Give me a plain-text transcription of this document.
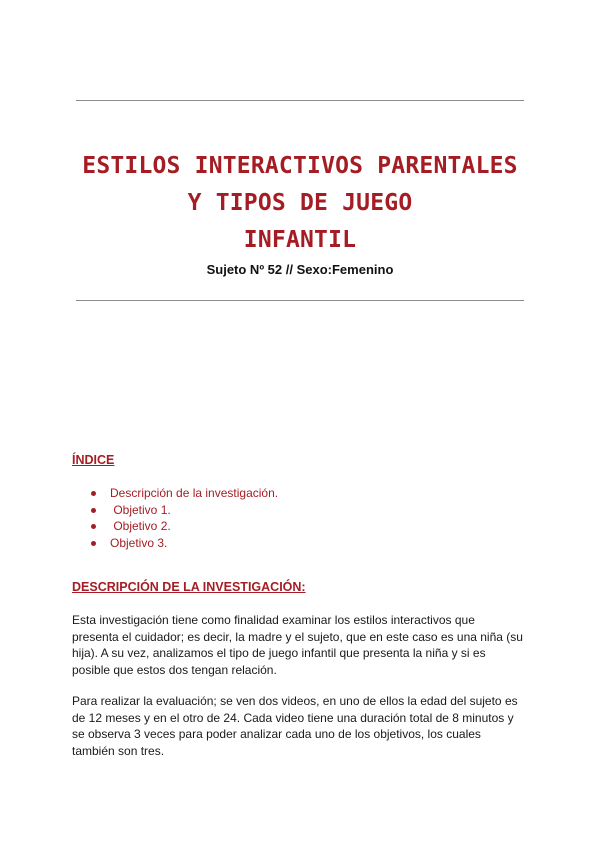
ESTILOS INTERACTIVOS PARENTALES
Y TIPOS DE JUEGO
INFANTIL
Sujeto Nº 52 // Sexo:Femenino
ÍNDICE
Descripción de la investigación.
Objetivo 1.
Objetivo 2.
Objetivo 3.
DESCRIPCIÓN DE LA INVESTIGACIÓN:

Esta investigación tiene como finalidad examinar los estilos interactivos que
presenta el cuidador; es decir, la madre y el sujeto, que en este caso es una niña (su
hija). A su vez, analizamos el tipo de juego infantil que presenta la niña y si es
posible que estos dos tengan relación.

Para realizar la evaluación; se ven dos videos, en uno de ellos la edad del sujeto es
de 12 meses y en el otro de 24. Cada video tiene una duración total de 8 minutos y
se observa 3 veces para poder analizar cada uno de los objetivos, los cuales
también son tres.
